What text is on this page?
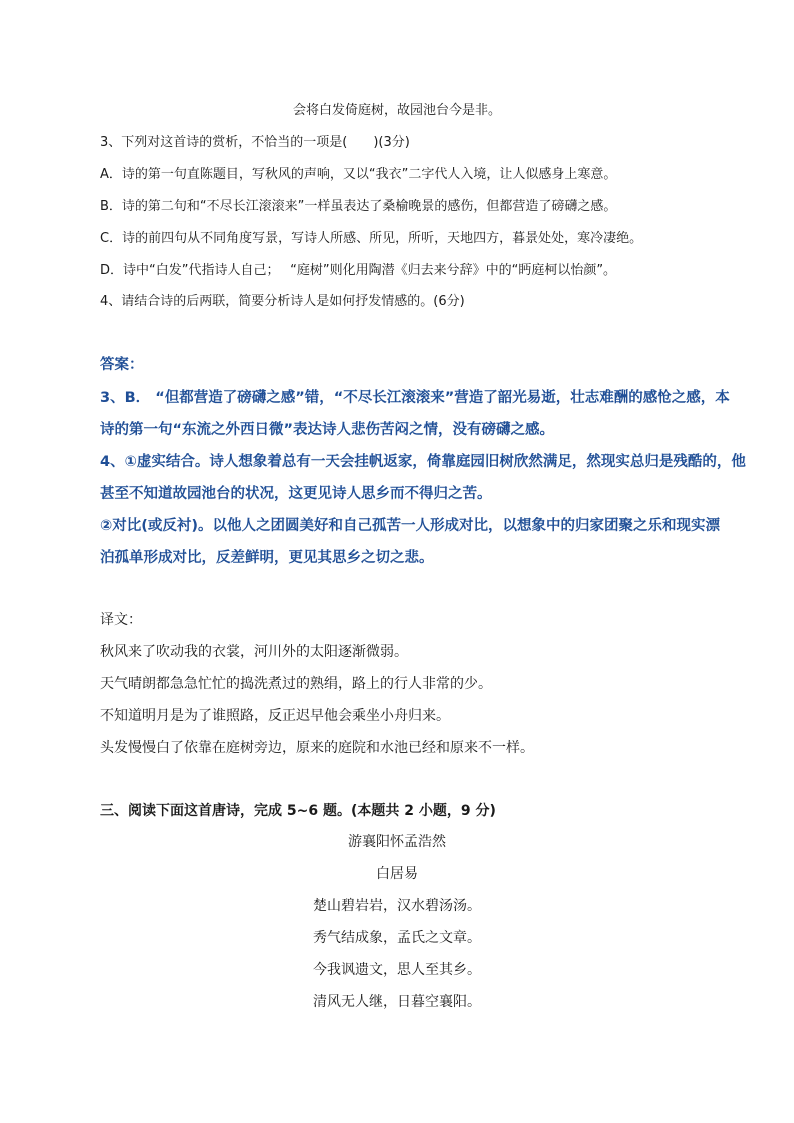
会将白发倚庭树，故园池台今是非。
3、下列对这首诗的赏析，不恰当的一项是(　　)(3分)
A．诗的第一句直陈题目，写秋风的声响，又以“我衣”二字代人入境，让人似感身上寒意。
B．诗的第二句和“不尽长江滚滚来”一样虽表达了桑榆晚景的感伤，但都营造了磅礴之感。
C．诗的前四句从不同角度写景，写诗人所感、所见，所听，天地四方，暮景处处，寒冷凄绝。
D．诗中“白发”代指诗人自己；　 “庭树”则化用陶潜《归去来兮辞》中的“眄庭柯以怡颜”。
4、请结合诗的后两联，简要分析诗人是如何抒发情感的。(6分)
答案：
3、B． “但都营造了磅礴之感”错，“不尽长江滚滚来”营造了韶光易逝，壮志难酬的感怆之感，本
诗的第一句“东流之外西日微”表达诗人悲伤苦闷之情，没有磅礴之感。
4、①虚实结合。诗人想象着总有一天会挂帆返家，倚靠庭园旧树欣然满足，然现实总归是残酷的，他
甚至不知道故园池台的状况，这更见诗人思乡而不得归之苦。
②对比(或反衬)。以他人之团圆美好和自己孤苦一人形成对比，以想象中的归家团聚之乐和现实漂
泊孤单形成对比，反差鲜明，更见其思乡之切之悲。
译文：
秋风来了吹动我的衣裳，河川外的太阳逐渐微弱。
天气晴朗都急急忙忙的捣洗煮过的熟绢，路上的行人非常的少。
不知道明月是为了谁照路，反正迟早他会乘坐小舟归来。
头发慢慢白了依靠在庭树旁边，原来的庭院和水池已经和原来不一样。
三、阅读下面这首唐诗，完成 5~6 题。(本题共 2 小题，9 分)
游襄阳怀孟浩然
白居易
楚山碧岩岩，汉水碧汤汤。
秀气结成象，孟氏之文章。
今我讽遗文，思人至其乡。
清风无人继，日暮空襄阳。
